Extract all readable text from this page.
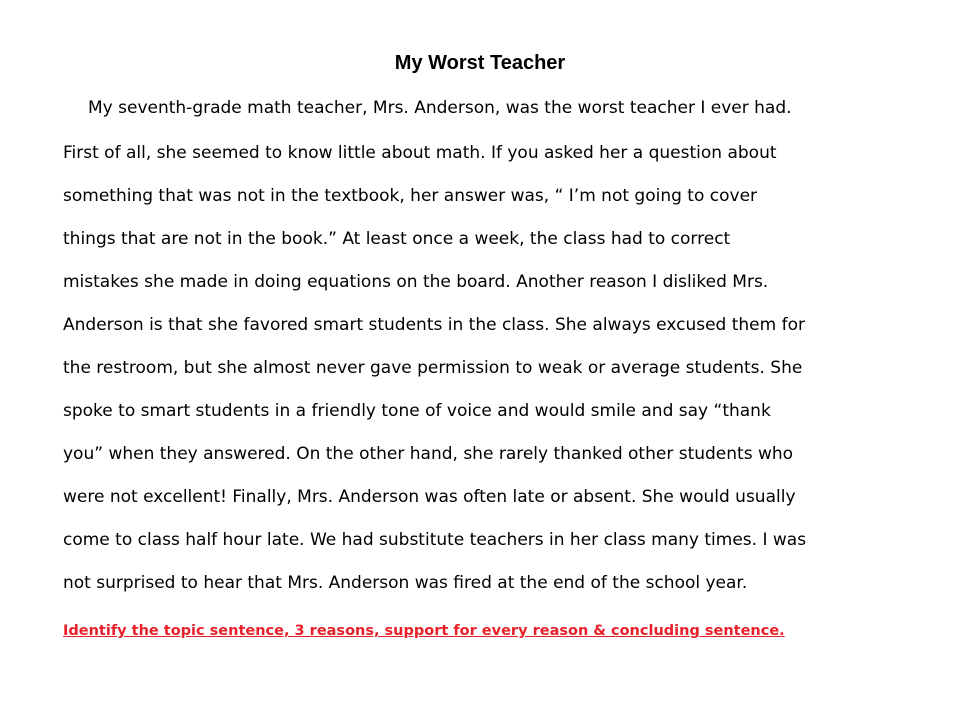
My Worst Teacher
My seventh-grade math teacher, Mrs. Anderson, was the worst teacher I ever had.
First of all, she seemed to know little about math. If you asked her a question about
something that was not in the textbook, her answer was, “ I’m not going to cover
things that are not in the book.” At least once a week, the class had to correct
mistakes she made in doing equations on the board. Another reason I disliked Mrs.
Anderson is that she favored smart students in the class. She always excused them for
the restroom, but she almost never gave permission to weak or average students. She
spoke to smart students in a friendly tone of voice and would smile and say “thank
you” when they answered. On the other hand, she rarely thanked other students who
were not excellent! Finally, Mrs. Anderson was often late or absent. She would usually
come to class half hour late. We had substitute teachers in her class many times. I was
not surprised to hear that Mrs. Anderson was fired at the end of the school year.
Identify the topic sentence, 3 reasons, support for every reason & concluding sentence.
